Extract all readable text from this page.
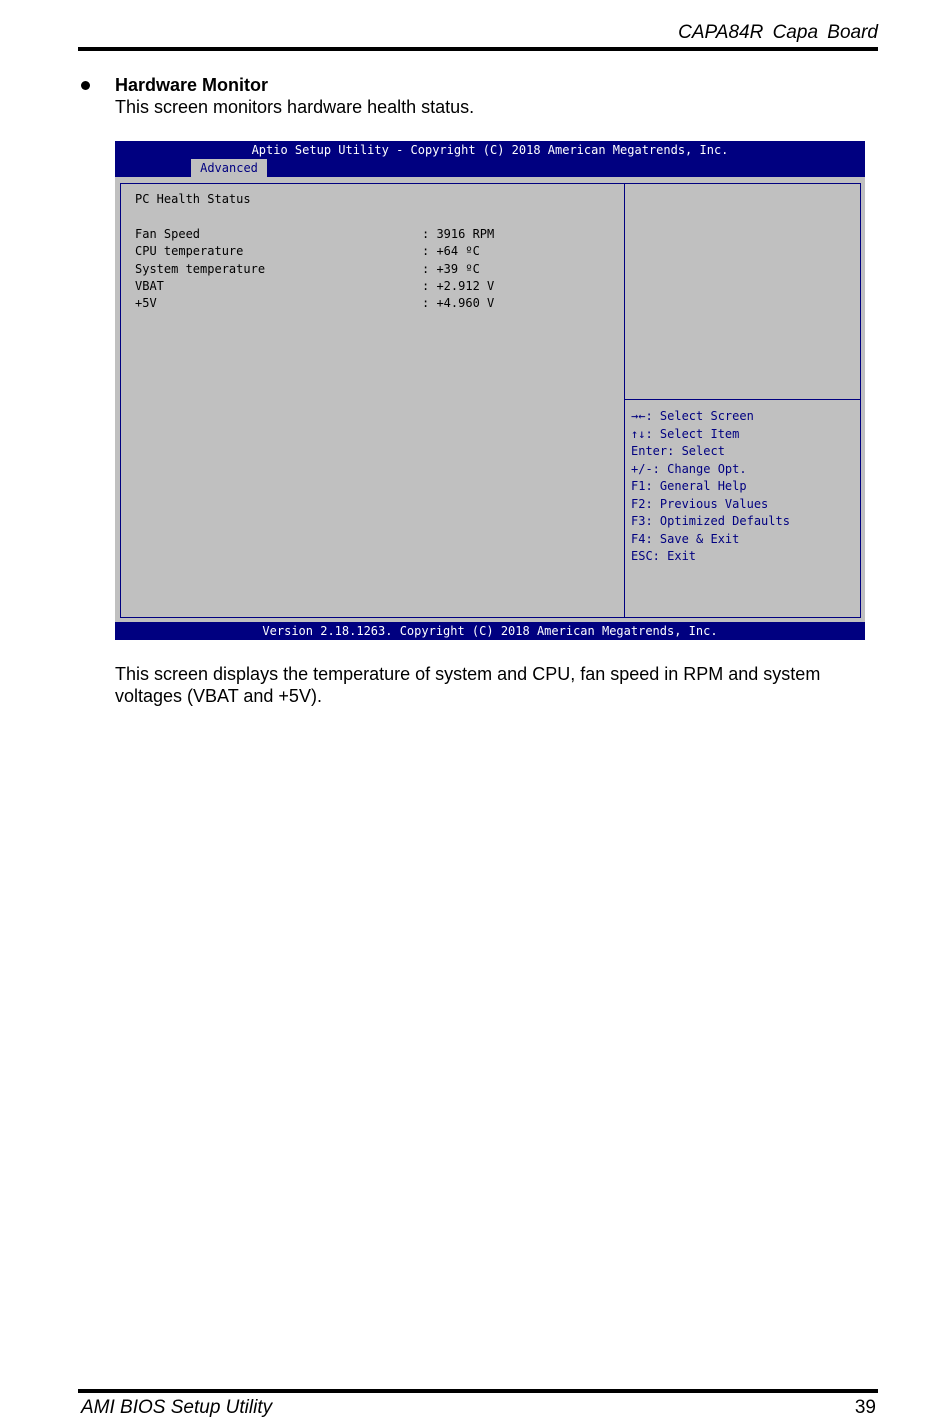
CAPA84R Capa Board
Hardware Monitor
This screen monitors hardware health status.
Aptio Setup Utility - Copyright (C) 2018 American Megatrends, Inc.
Advanced
PC Health Status
Fan Speed	: 3916 RPM
CPU temperature	: +64 ºC
System temperature	: +39 ºC
VBAT	: +2.912 V
+5V	: +4.960 V
→←: Select Screen
↑↓: Select Item
Enter: Select
+/-: Change Opt.
F1: General Help
F2: Previous Values
F3: Optimized Defaults
F4: Save & Exit
ESC: Exit
Version 2.18.1263. Copyright (C) 2018 American Megatrends, Inc.
This screen displays the temperature of system and CPU, fan speed in RPM and system voltages (VBAT and +5V).
AMI BIOS Setup Utility	39
